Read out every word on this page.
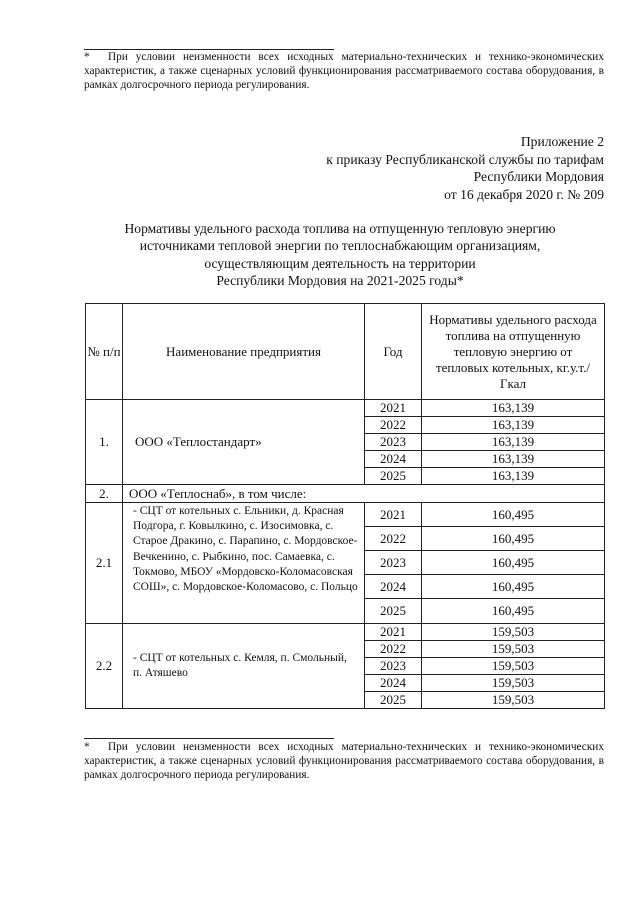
* При условии неизменности всех исходных материально-технических и технико-экономических характеристик, а также сценарных условий функционирования рассматриваемого состава оборудования, в рамках долгосрочного периода регулирования.
Приложение 2
к приказу Республиканской службы по тарифам
Республики Мордовия
от 16 декабря 2020 г. № 209
Нормативы удельного расхода топлива на отпущенную тепловую энергию
источниками тепловой энергии по теплоснабжающим организациям,
осуществляющим деятельность на территории
Республики Мордовия на 2021-2025 годы*
№ п/п	Наименование предприятия	Год	Нормативы удельного расхода топлива на отпущенную тепловую энергию от тепловых котельных, кг.у.т./Гкал
1.	ООО «Теплостандарт»	2021	163,139
		2022	163,139
		2023	163,139
		2024	163,139
		2025	163,139
2.	ООО «Теплоснаб», в том числе:		
2.1	- СЦТ от котельных с. Ельники, д. Красная Подгора, г. Ковылкино, с. Изосимовка, с. Старое Дракино, с. Парапино, с. Мордовское-Вечкенино, с. Рыбкино, пос. Самаевка, с. Токмово, МБОУ «Мордовско-Коломасовская СОШ», с. Мордовское-Коломасово, с. Польцо	2021	160,495
		2022	160,495
		2023	160,495
		2024	160,495
		2025	160,495
2.2	- СЦТ от котельных с. Кемля, п. Смольный, п. Атяшево	2021	159,503
		2022	159,503
		2023	159,503
		2024	159,503
		2025	159,503
* При условии неизменности всех исходных материально-технических и технико-экономических характеристик, а также сценарных условий функционирования рассматриваемого состава оборудования, в рамках долгосрочного периода регулирования.
